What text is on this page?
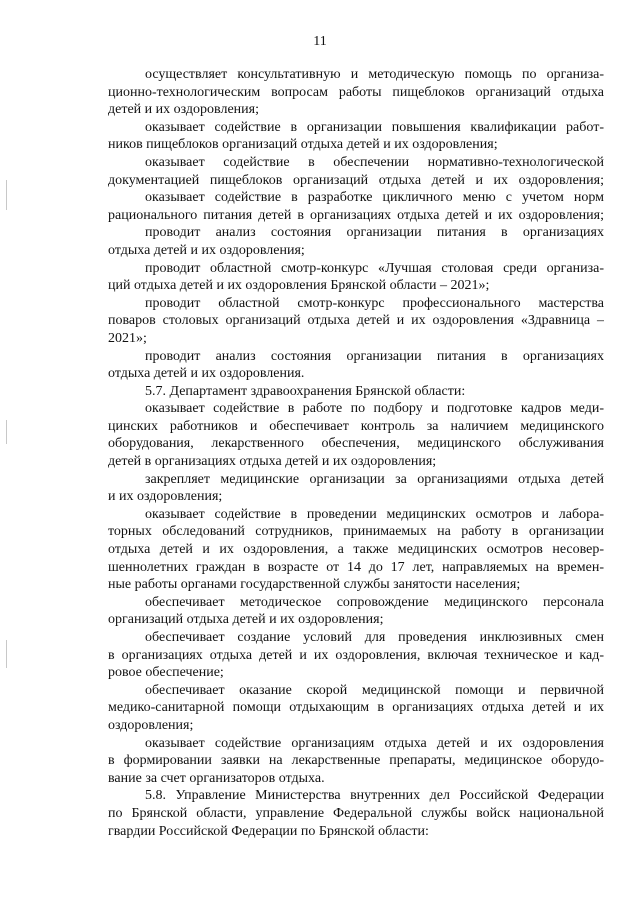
11
осуществляет консультативную и методическую помощь по организа-
ционно-технологическим вопросам работы пищеблоков организаций отдыха
детей и их оздоровления;
оказывает содействие в организации повышения квалификации работ-
ников пищеблоков организаций отдыха детей и их оздоровления;
оказывает содействие в обеспечении нормативно-технологической
документацией пищеблоков организаций отдыха детей и их оздоровления;
оказывает содействие в разработке цикличного меню с учетом норм
рационального питания детей в организациях отдыха детей и их оздоровления;
проводит анализ состояния организации питания в организациях
отдыха детей и их оздоровления;
проводит областной смотр-конкурс «Лучшая столовая среди организа-
ций отдыха детей и их оздоровления Брянской области – 2021»;
проводит областной смотр-конкурс профессионального мастерства
поваров столовых организаций отдыха детей и их оздоровления «Здравница –
2021»;
проводит анализ состояния организации питания в организациях
отдыха детей и их оздоровления.
5.7. Департамент здравоохранения Брянской области:
оказывает содействие в работе по подбору и подготовке кадров меди-
цинских работников и обеспечивает контроль за наличием медицинского
оборудования, лекарственного обеспечения, медицинского обслуживания
детей в организациях отдыха детей и их оздоровления;
закрепляет медицинские организации за организациями отдыха детей
и их оздоровления;
оказывает содействие в проведении медицинских осмотров и лабора-
торных обследований сотрудников, принимаемых на работу в организации
отдыха детей и их оздоровления, а также медицинских осмотров несовер-
шеннолетних граждан в возрасте от 14 до 17 лет, направляемых на времен-
ные работы органами государственной службы занятости населения;
обеспечивает методическое сопровождение медицинского персонала
организаций отдыха детей и их оздоровления;
обеспечивает создание условий для проведения инклюзивных смен
в организациях отдыха детей и их оздоровления, включая техническое и кад-
ровое обеспечение;
обеспечивает оказание скорой медицинской помощи и первичной
медико-санитарной помощи отдыхающим в организациях отдыха детей и их
оздоровления;
оказывает содействие организациям отдыха детей и их оздоровления
в формировании заявки на лекарственные препараты, медицинское оборудо-
вание за счет организаторов отдыха.
5.8. Управление Министерства внутренних дел Российской Федерации
по Брянской области, управление Федеральной службы войск национальной
гвардии Российской Федерации по Брянской области:
